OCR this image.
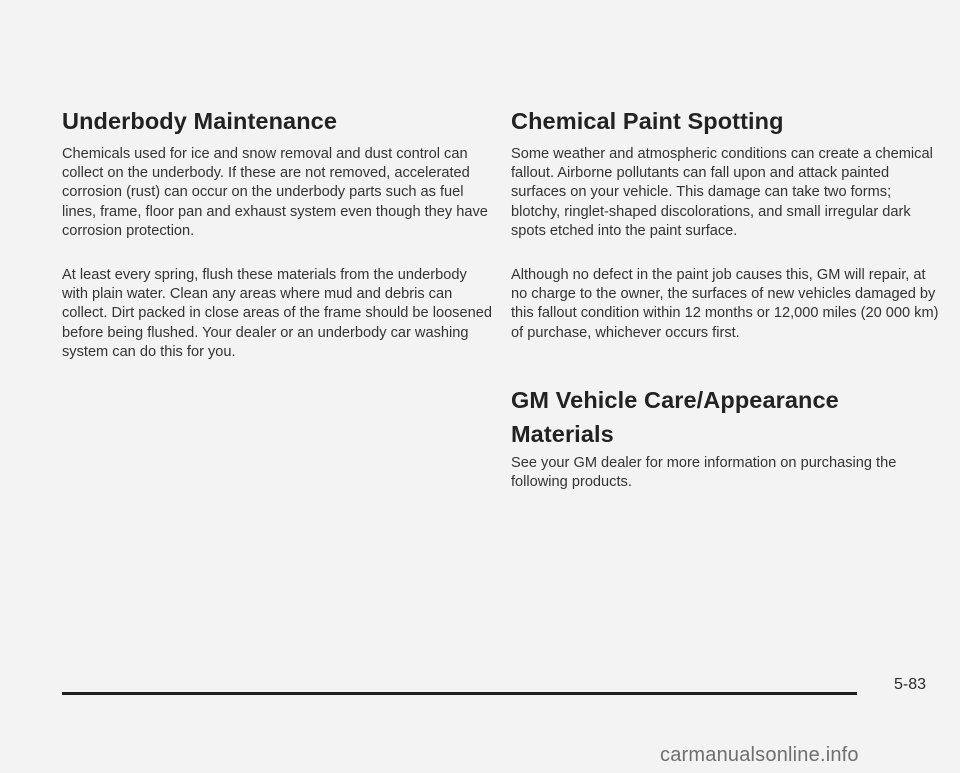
Underbody Maintenance

Chemicals used for ice and snow removal and dust control can collect on the underbody. If these are not removed, accelerated corrosion (rust) can occur on the underbody parts such as fuel lines, frame, floor pan and exhaust system even though they have corrosion protection.

At least every spring, flush these materials from the underbody with plain water. Clean any areas where mud and debris can collect. Dirt packed in close areas of the frame should be loosened before being flushed. Your dealer or an underbody car washing system can do this for you.

Chemical Paint Spotting

Some weather and atmospheric conditions can create a chemical fallout. Airborne pollutants can fall upon and attack painted surfaces on your vehicle. This damage can take two forms; blotchy, ringlet-shaped discolorations, and small irregular dark spots etched into the paint surface.

Although no defect in the paint job causes this, GM will repair, at no charge to the owner, the surfaces of new vehicles damaged by this fallout condition within 12 months or 12,000 miles (20 000 km) of purchase, whichever occurs first.

GM Vehicle Care/Appearance Materials

See your GM dealer for more information on purchasing the following products.

5-83
carmanualsonline.info
